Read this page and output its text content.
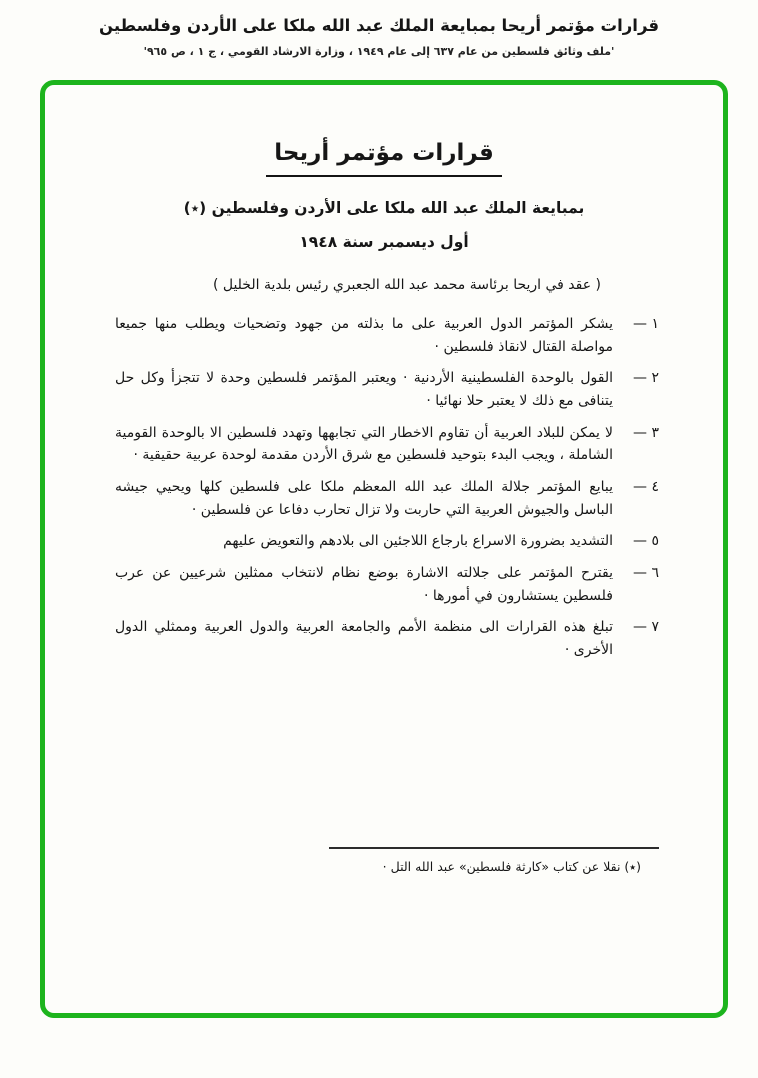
قرارات مؤتمر أريحا بمبايعة الملك عبد الله ملكا على الأردن وفلسطين
'ملف وثائق فلسطين من عام ٦٣٧ إلى عام ١٩٤٩ ، وزارة الارشاد القومي ، ج ١ ، ص ٩٦٥'
قرارات مؤتمر أريحا
بمبايعة الملك عبد الله ملكا على الأردن وفلسطين (٭)
أول ديسمبر سنة ١٩٤٨
( عقد في اريحا برئاسة محمد عبد الله الجعبري رئيس بلدية الخليل )
١ —
يشكر المؤتمر الدول العربية على ما بذلته من جهود وتضحيات ويطلب منها جميعا مواصلة القتال لانقاذ فلسطين ·
٢ —
القول بالوحدة الفلسطينية الأردنية · ويعتبر المؤتمر فلسطين وحدة لا تتجزأ وكل حل يتنافى مع ذلك لا يعتبر حلا نهائيا ·
٣ —
لا يمكن للبلاد العربية أن تقاوم الاخطار التي تجابهها وتهدد فلسطين الا بالوحدة القومية الشاملة ، ويجب البدء بتوحيد فلسطين مع شرق الأردن مقدمة لوحدة عربية حقيقية ·
٤ —
يبايع المؤتمر جلالة الملك عبد الله المعظم ملكا على فلسطين كلها ويحيي جيشه الباسل والجيوش العربية التي حاربت ولا تزال تحارب دفاعا عن فلسطين ·
٥ —
التشديد بضرورة الاسراع بارجاع اللاجئين الى بلادهم والتعويض عليهم
٦ —
يقترح المؤتمر على جلالته الاشارة بوضع نظام لانتخاب ممثلين شرعيين عن عرب فلسطين يستشارون في أمورها ·
٧ —
تبلغ هذه القرارات الى منظمة الأمم والجامعة العربية والدول العربية وممثلي الدول الأخرى ·
(٭) نقلا عن كتاب «كارثة فلسطين» عبد الله التل ·
